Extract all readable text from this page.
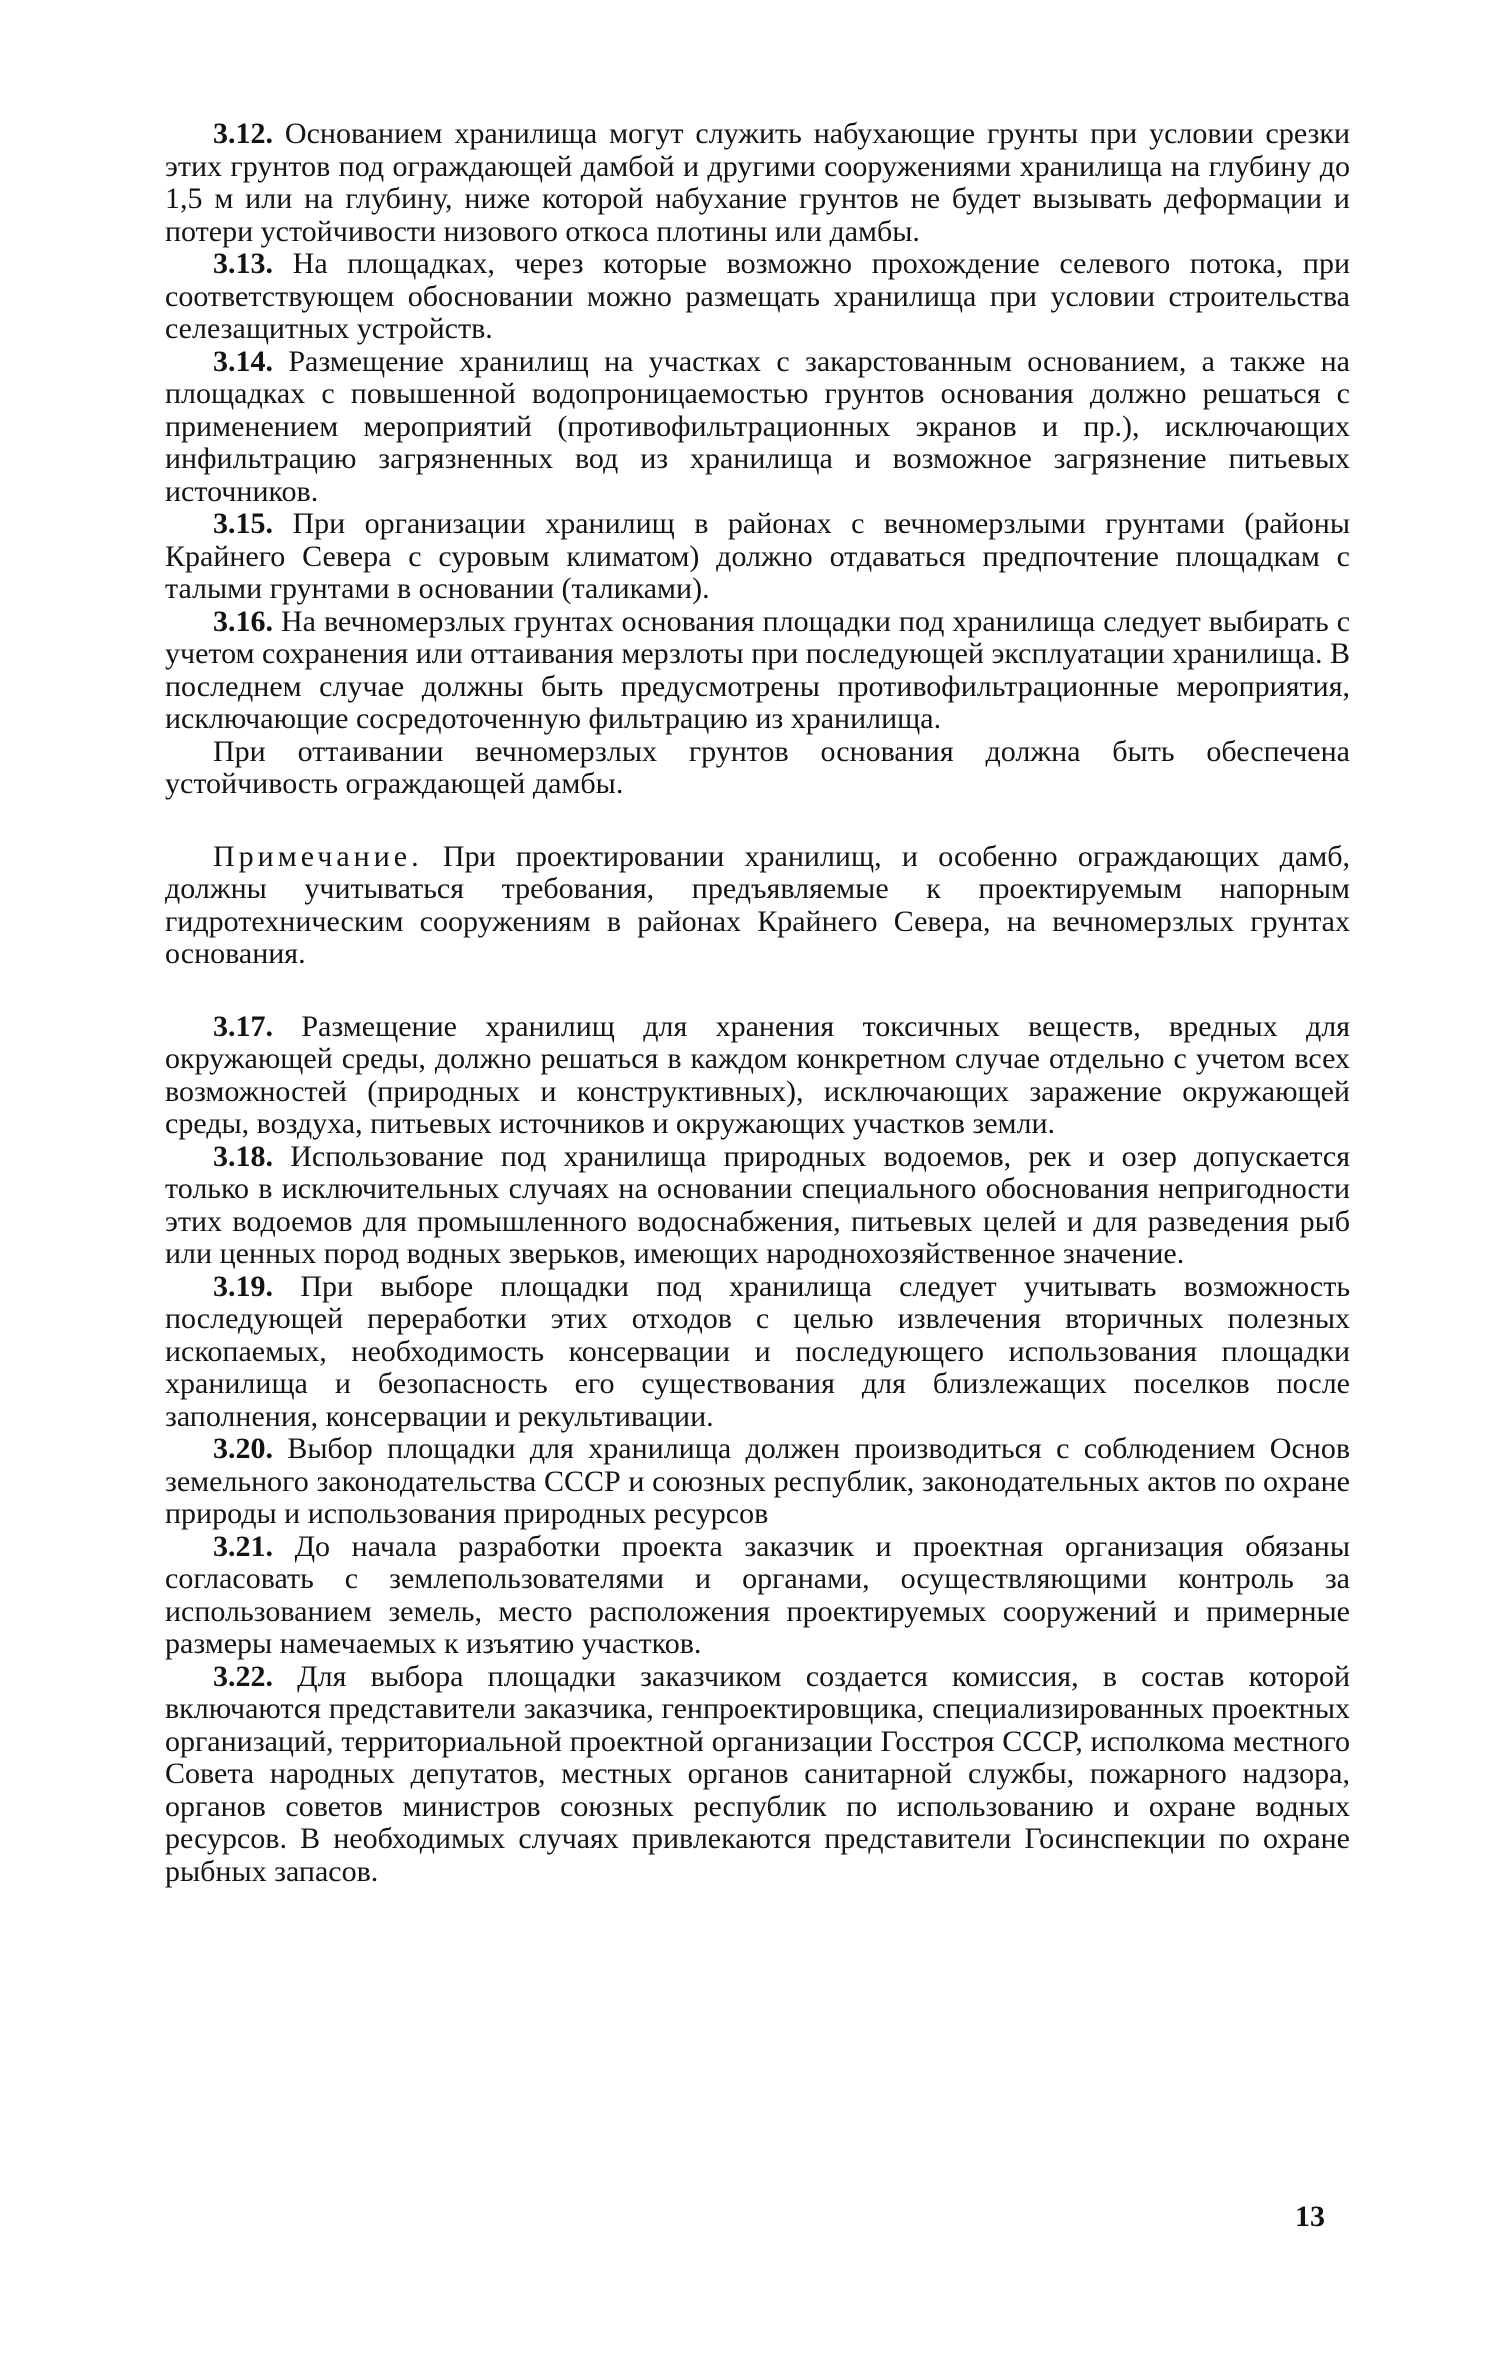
3.12. Основанием хранилища могут служить набухающие грунты при условии срезки этих грунтов под ограждающей дамбой и другими сооружениями хранилища на глубину до 1,5 м или на глубину, ниже которой набухание грунтов не будет вызывать деформации и потери устойчивости низового откоса плотины или дамбы.

3.13. На площадках, через которые возможно прохождение селевого потока, при соответствующем обосновании можно размещать хранилища при условии строительства селезащитных устройств.

3.14. Размещение хранилищ на участках с закарстованным основанием, а также на площадках с повышенной водопроницаемостью грунтов основания должно решаться с применением мероприятий (противофильтрационных экранов и пр.), исключающих инфильтрацию загрязненных вод из хранилища и возможное загрязнение питьевых источников.

3.15. При организации хранилищ в районах с вечномерзлыми грунтами (районы Крайнего Севера с суровым климатом) должно отдаваться предпочтение площадкам с талыми грунтами в основании (таликами).

3.16. На вечномерзлых грунтах основания площадки под хранилища следует выбирать с учетом сохранения или оттаивания мерзлоты при последующей эксплуатации хранилища. В последнем случае должны быть предусмотрены противофильтрационные мероприятия, исключающие сосредоточенную фильтрацию из хранилища.

При оттаивании вечномерзлых грунтов основания должна быть обеспечена устойчивость ограждающей дамбы.

Примечание. При проектировании хранилищ, и особенно ограждающих дамб, должны учитываться требования, предъявляемые к проектируемым напорным гидротехническим сооружениям в районах Крайнего Севера, на вечномерзлых грунтах основания.

3.17. Размещение хранилищ для хранения токсичных веществ, вредных для окружающей среды, должно решаться в каждом конкретном случае отдельно с учетом всех возможностей (природных и конструктивных), исключающих заражение окружающей среды, воздуха, питьевых источников и окружающих участков земли.

3.18. Использование под хранилища природных водоемов, рек и озер допускается только в исключительных случаях на основании специального обоснования непригодности этих водоемов для промышленного водоснабжения, питьевых целей и для разведения рыб или ценных пород водных зверьков, имеющих народнохозяйственное значение.

3.19. При выборе площадки под хранилища следует учитывать возможность последующей переработки этих отходов с целью извлечения вторичных полезных ископаемых, необходимость консервации и последующего использования площадки хранилища и безопасность его существования для близлежащих поселков после заполнения, консервации и рекультивации.

3.20. Выбор площадки для хранилища должен производиться с соблюдением Основ земельного законодательства СССР и союзных республик, законодательных актов по охране природы и использования природных ресурсов

3.21. До начала разработки проекта заказчик и проектная организация обязаны согласовать с землепользователями и органами, осуществляющими контроль за использованием земель, место расположения проектируемых сооружений и примерные размеры намечаемых к изъятию участков.

3.22. Для выбора площадки заказчиком создается комиссия, в состав которой включаются представители заказчика, генпроектировщика, специализированных проектных организаций, территориальной проектной организации Госстроя СССР, исполкома местного Совета народных депутатов, местных органов санитарной службы, пожарного надзора, органов советов министров союзных республик по использованию и охране водных ресурсов. В необходимых случаях привлекаются представители Госинспекции по охране рыбных запасов.

13
